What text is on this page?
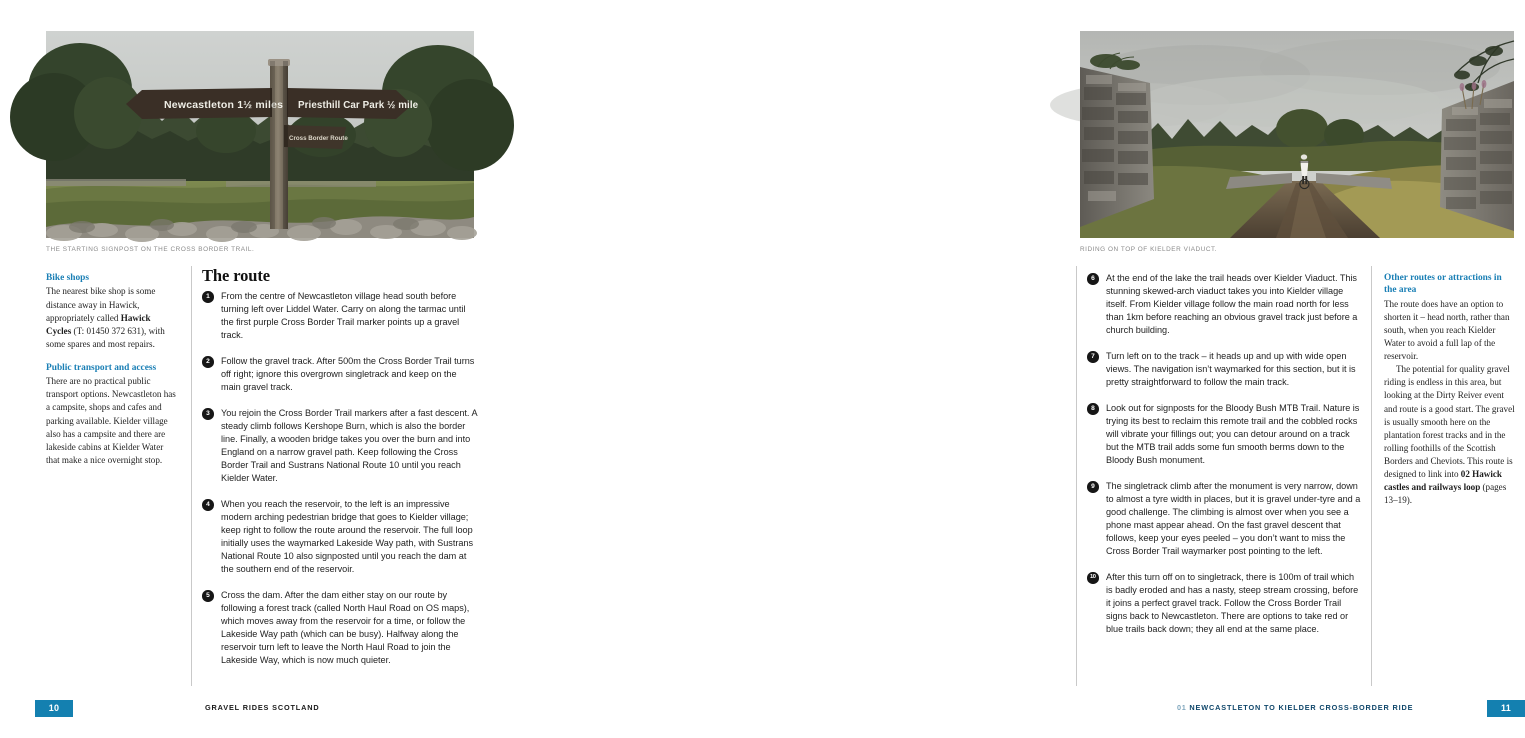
Newcastleton 1½ miles Priesthill Car Park ½ mile
Cross Border Route
THE STARTING SIGNPOST ON THE CROSS BORDER TRAIL.
Bike shops

The nearest bike shop is some distance away in Hawick, appropriately called Hawick Cycles (T: 01450 372 631), with some spares and most repairs.

Public transport and access

There are no practical public transport options. Newcastleton has a campsite, shops and cafes and parking available. Kielder village also has a campsite and there are lakeside cabins at Kielder Water that make a nice overnight stop.

The route
1	From the centre of Newcastleton village head south before turning left over Liddel Water. Carry on along the tarmac until the first purple Cross Border Trail marker points up a gravel track.
2	Follow the gravel track. After 500m the Cross Border Trail turns off right; ignore this overgrown singletrack and keep on the main gravel track.
3	You rejoin the Cross Border Trail markers after a fast descent. A steady climb follows Kershope Burn, which is also the border line. Finally, a wooden bridge takes you over the burn and into England on a narrow gravel path. Keep following the Cross Border Trail and Sustrans National Route 10 until you reach Kielder Water.
4	When you reach the reservoir, to the left is an impressive modern arching pedestrian bridge that goes to Kielder village; keep right to follow the route around the reservoir. The full loop initially uses the waymarked Lakeside Way path, with Sustrans National Route 10 also signposted until you reach the dam at the southern end of the reservoir.
5	Cross the dam. After the dam either stay on our route by following a forest track (called North Haul Road on OS maps), which moves away from the reservoir for a time, or follow the Lakeside Way path (which can be busy). Halfway along the reservoir turn left to leave the North Haul Road to join the Lakeside Way, which is now much quieter.
10	GRAVEL RIDES SCOTLAND
RIDING ON TOP OF KIELDER VIADUCT.
6	At the end of the lake the trail heads over Kielder Viaduct. This stunning skewed-arch viaduct takes you into Kielder village itself. From Kielder village follow the main road north for less than 1km before reaching an obvious gravel track just before a church building.
7	Turn left on to the track – it heads up and up with wide open views. The navigation isn’t waymarked for this section, but it is pretty straightforward to follow the main track.
8	Look out for signposts for the Bloody Bush MTB Trail. Nature is trying its best to reclaim this remote trail and the cobbled rocks will vibrate your fillings out; you can detour around on a track but the MTB trail adds some fun smooth berms down to the Bloody Bush monument.
9	The singletrack climb after the monument is very narrow, down to almost a tyre width in places, but it is gravel under-tyre and a good challenge. The climbing is almost over when you see a phone mast appear ahead. On the fast gravel descent that follows, keep your eyes peeled – you don’t want to miss the Cross Border Trail waymarker post pointing to the left.
10	After this turn off on to singletrack, there is 100m of trail which is badly eroded and has a nasty, steep stream crossing, before it joins a perfect gravel track. Follow the Cross Border Trail signs back to Newcastleton. There are options to take red or blue trails back down; they all end at the same place.
Other routes or attractions in the area

The route does have an option to shorten it – head north, rather than south, when you reach Kielder Water to avoid a full lap of the reservoir.

The potential for quality gravel riding is endless in this area, but looking at the Dirty Reiver event and route is a good start. The gravel is usually smooth here on the plantation forest tracks and in the rolling foothills of the Scottish Borders and Cheviots. This route is designed to link into 02 Hawick castles and railways loop (pages 13–19).

01 NEWCASTLETON TO KIELDER CROSS-BORDER RIDE	11
